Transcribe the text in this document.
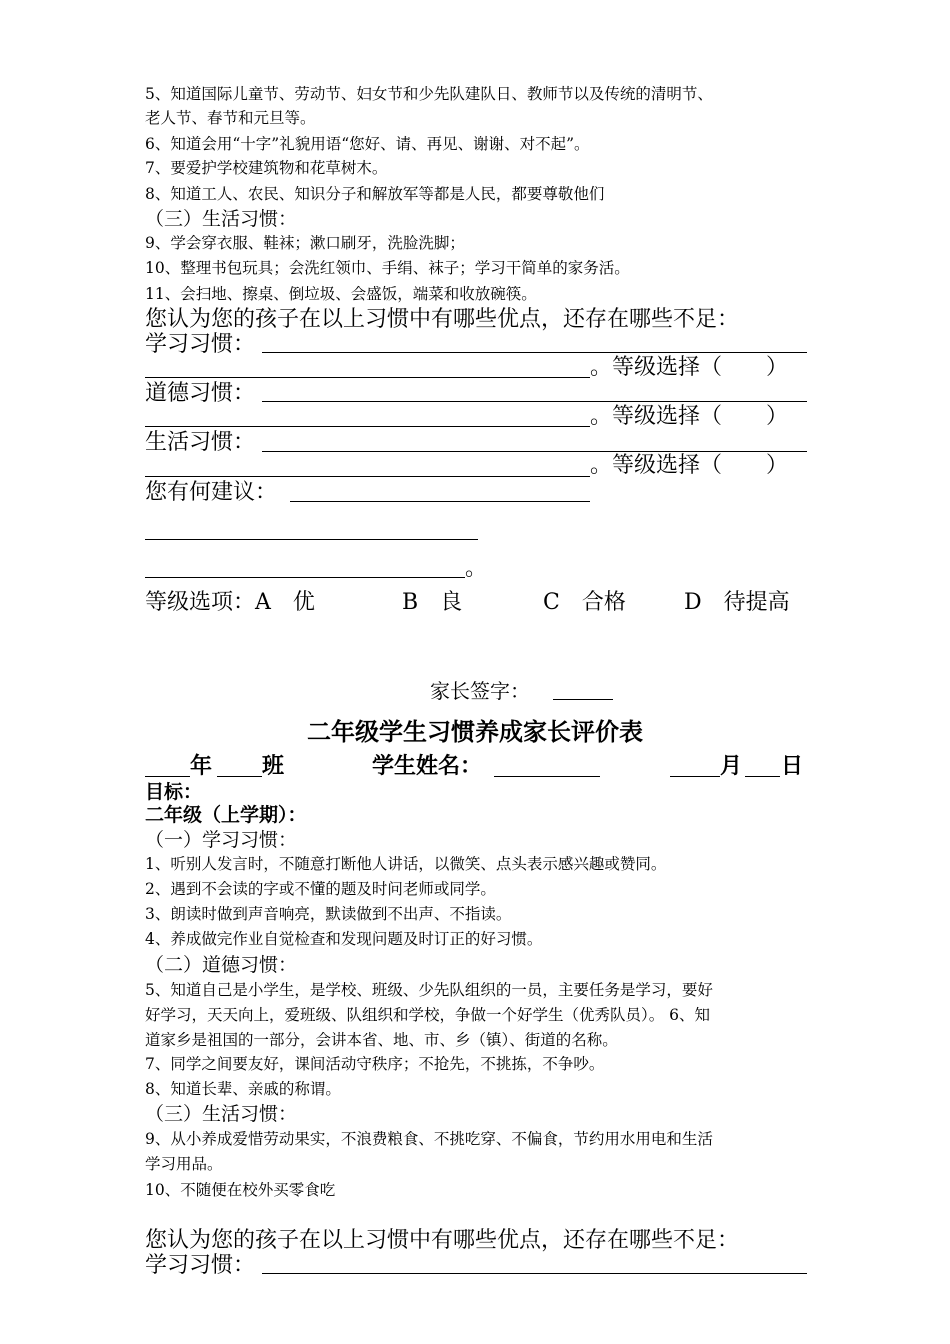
5、知道国际儿童节、劳动节、妇女节和少先队建队日、教师节以及传统的清明节、
老人节、春节和元旦等。
6、知道会用“十字”礼貌用语“您好、请、再见、谢谢、对不起”。
7、要爱护学校建筑物和花草树木。
8、知道工人、农民、知识分子和解放军等都是人民，都要尊敬他们
（三）生活习惯：
9、学会穿衣服、鞋袜；漱口刷牙，洗脸洗脚；
10、整理书包玩具；会洗红领巾、手绢、袜子；学习干简单的家务活。
11、会扫地、擦桌、倒垃圾、会盛饭，端菜和收放碗筷。
您认为您的孩子在以上习惯中有哪些优点，还存在哪些不足：
学习习惯：
。等级选择（　　）
道德习惯：
。等级选择（　　）
生活习惯：
。等级选择（　　）
您有何建议：
。
等级选项：A　优	B　良	C　合格	D　待提高
家长签字：
二年级学生习惯养成家长评价表
年 班	学生姓名：	月 日
目标：
二年级（上学期）：
（一）学习习惯：
1、听别人发言时，不随意打断他人讲话，以微笑、点头表示感兴趣或赞同。
2、遇到不会读的字或不懂的题及时问老师或同学。
3、朗读时做到声音响亮，默读做到不出声、不指读。
4、养成做完作业自觉检查和发现问题及时订正的好习惯。
（二）道德习惯：
5、知道自己是小学生，是学校、班级、少先队组织的一员，主要任务是学习，要好
好学习，天天向上，爱班级、队组织和学校，争做一个好学生（优秀队员）。 6、知
道家乡是祖国的一部分，会讲本省、地、市、乡（镇）、街道的名称。
7、同学之间要友好，课间活动守秩序；不抢先，不挑拣，不争吵。
8、知道长辈、亲戚的称谓。
（三）生活习惯：
9、从小养成爱惜劳动果实，不浪费粮食、不挑吃穿、不偏食，节约用水用电和生活
学习用品。
10、不随便在校外买零食吃
您认为您的孩子在以上习惯中有哪些优点，还存在哪些不足：
学习习惯：
